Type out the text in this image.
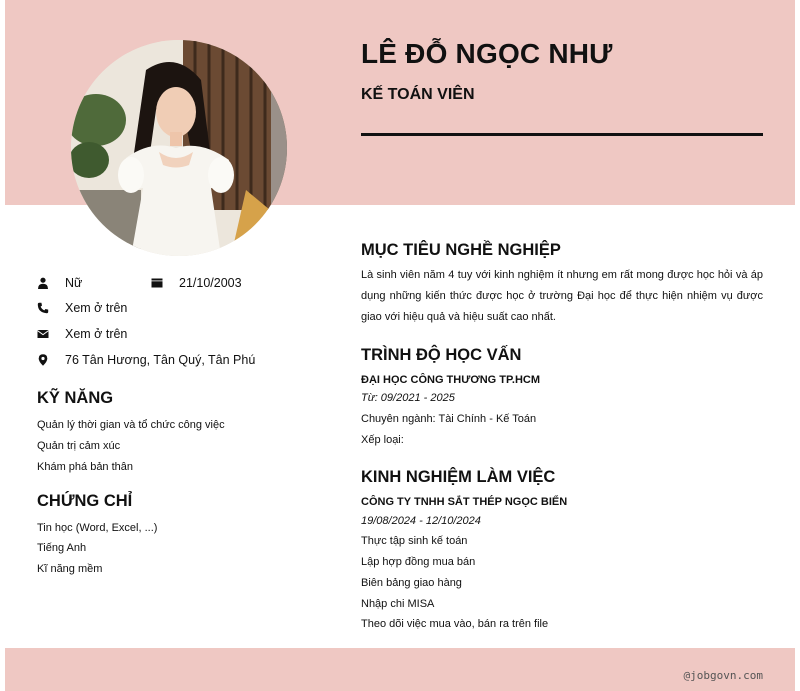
LÊ ĐỖ NGỌC NHƯ
KẾ TOÁN VIÊN
Nữ	21/10/2003
Xem ở trên
Xem ở trên
76 Tân Hương, Tân Quý, Tân Phú
KỸ NĂNG
Quản lý thời gian và tổ chức công việc
Quản trị cảm xúc
Khám phá bản thân
CHỨNG CHỈ
Tin học (Word, Excel, ...)
Tiếng Anh
Kĩ năng mềm
MỤC TIÊU NGHỀ NGHIỆP
Là sinh viên năm 4 tuy với kinh nghiệm ít nhưng em rất mong được học hỏi và áp dụng những kiến thức được học ở trường Đại học để thực hiện nhiệm vụ được giao với hiệu quả và hiệu suất cao nhất.
TRÌNH ĐỘ HỌC VẤN
ĐẠI HỌC CÔNG THƯƠNG TP.HCM
Từ: 09/2021 - 2025
Chuyên ngành: Tài Chính - Kế Toán
Xếp loại:
KINH NGHIỆM LÀM VIỆC
CÔNG TY TNHH SẮT THÉP NGỌC BIỂN
19/08/2024 - 12/10/2024
Thực tập sinh kế toán
Lập hợp đồng mua bán
Biên bảng giao hàng
Nhập chi MISA
Theo dõi việc mua vào, bán ra trên file
@jobgovn.com
